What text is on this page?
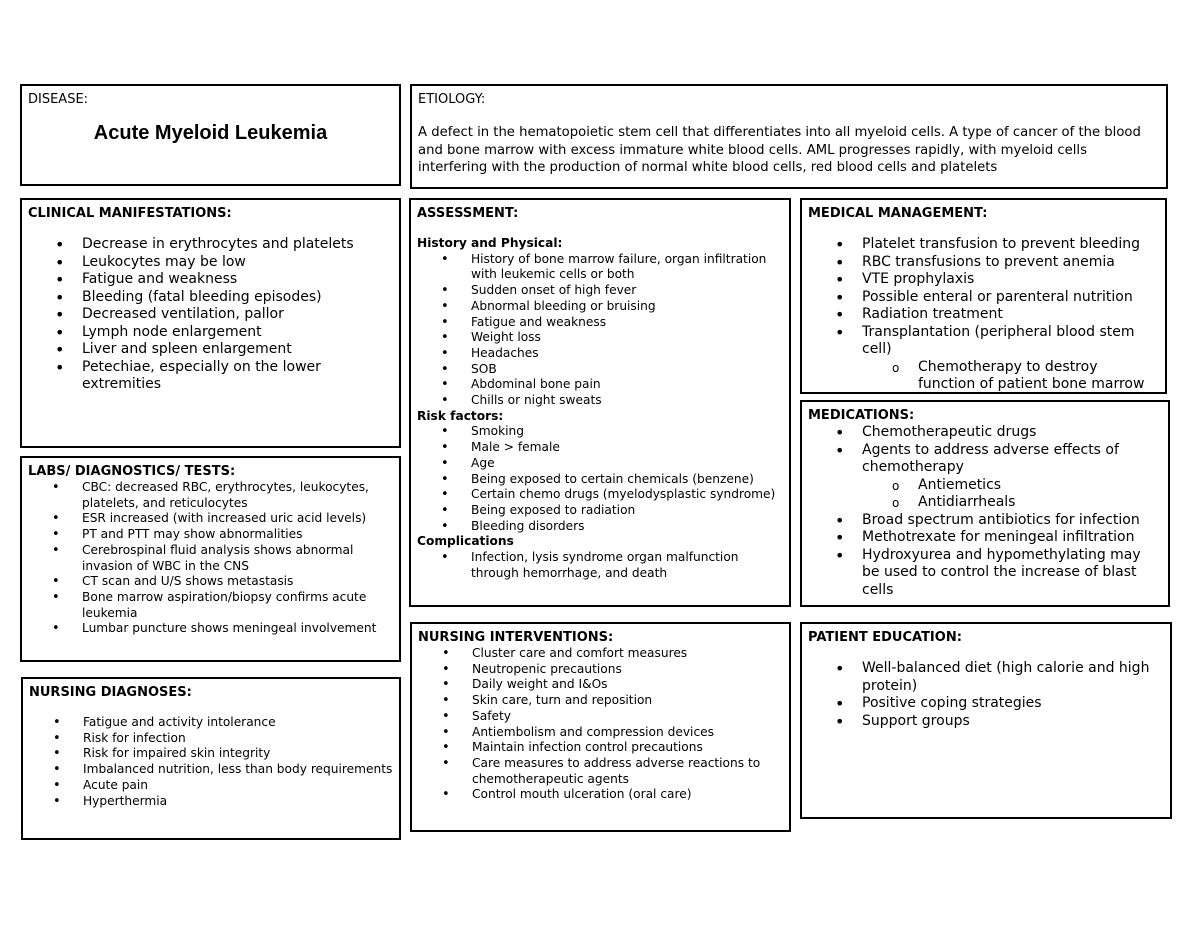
DISEASE:
Acute Myeloid Leukemia
ETIOLOGY:
A defect in the hematopoietic stem cell that differentiates into all myeloid cells. A type of cancer of the blood and bone marrow with excess immature white blood cells. AML progresses rapidly, with myeloid cells interfering with the production of normal white blood cells, red blood cells and platelets
CLINICAL MANIFESTATIONS:
• Decrease in erythrocytes and platelets
• Leukocytes may be low
• Fatigue and weakness
• Bleeding (fatal bleeding episodes)
• Decreased ventilation, pallor
• Lymph node enlargement
• Liver and spleen enlargement
• Petechiae, especially on the lower extremities
ASSESSMENT:
History and Physical:
• History of bone marrow failure, organ infiltration with leukemic cells or both
• Sudden onset of high fever
• Abnormal bleeding or bruising
• Fatigue and weakness
• Weight loss
• Headaches
• SOB
• Abdominal bone pain
• Chills or night sweats
Risk factors:
• Smoking
• Male > female
• Age
• Being exposed to certain chemicals (benzene)
• Certain chemo drugs (myelodysplastic syndrome)
• Being exposed to radiation
• Bleeding disorders
Complications
• Infection, lysis syndrome organ malfunction through hemorrhage, and death
MEDICAL MANAGEMENT:
• Platelet transfusion to prevent bleeding
• RBC transfusions to prevent anemia
• VTE prophylaxis
• Possible enteral or parenteral nutrition
• Radiation treatment
• Transplantation (peripheral blood stem cell)
o Chemotherapy to destroy function of patient bone marrow
MEDICATIONS:
• Chemotherapeutic drugs
• Agents to address adverse effects of chemotherapy
o Antiemetics
o Antidiarrheals
• Broad spectrum antibiotics for infection
• Methotrexate for meningeal infiltration
• Hydroxyurea and hypomethylating may be used to control the increase of blast cells
LABS/ DIAGNOSTICS/ TESTS:
• CBC: decreased RBC, erythrocytes, leukocytes, platelets, and reticulocytes
• ESR increased (with increased uric acid levels)
• PT and PTT may show abnormalities
• Cerebrospinal fluid analysis shows abnormal invasion of WBC in the CNS
• CT scan and U/S shows metastasis
• Bone marrow aspiration/biopsy confirms acute leukemia
• Lumbar puncture shows meningeal involvement
NURSING INTERVENTIONS:
• Cluster care and comfort measures
• Neutropenic precautions
• Daily weight and I&Os
• Skin care, turn and reposition
• Safety
• Antiembolism and compression devices
• Maintain infection control precautions
• Care measures to address adverse reactions to chemotherapeutic agents
• Control mouth ulceration (oral care)
PATIENT EDUCATION:
• Well-balanced diet (high calorie and high protein)
• Positive coping strategies
• Support groups
NURSING DIAGNOSES:
• Fatigue and activity intolerance
• Risk for infection
• Risk for impaired skin integrity
• Imbalanced nutrition, less than body requirements
• Acute pain
• Hyperthermia
